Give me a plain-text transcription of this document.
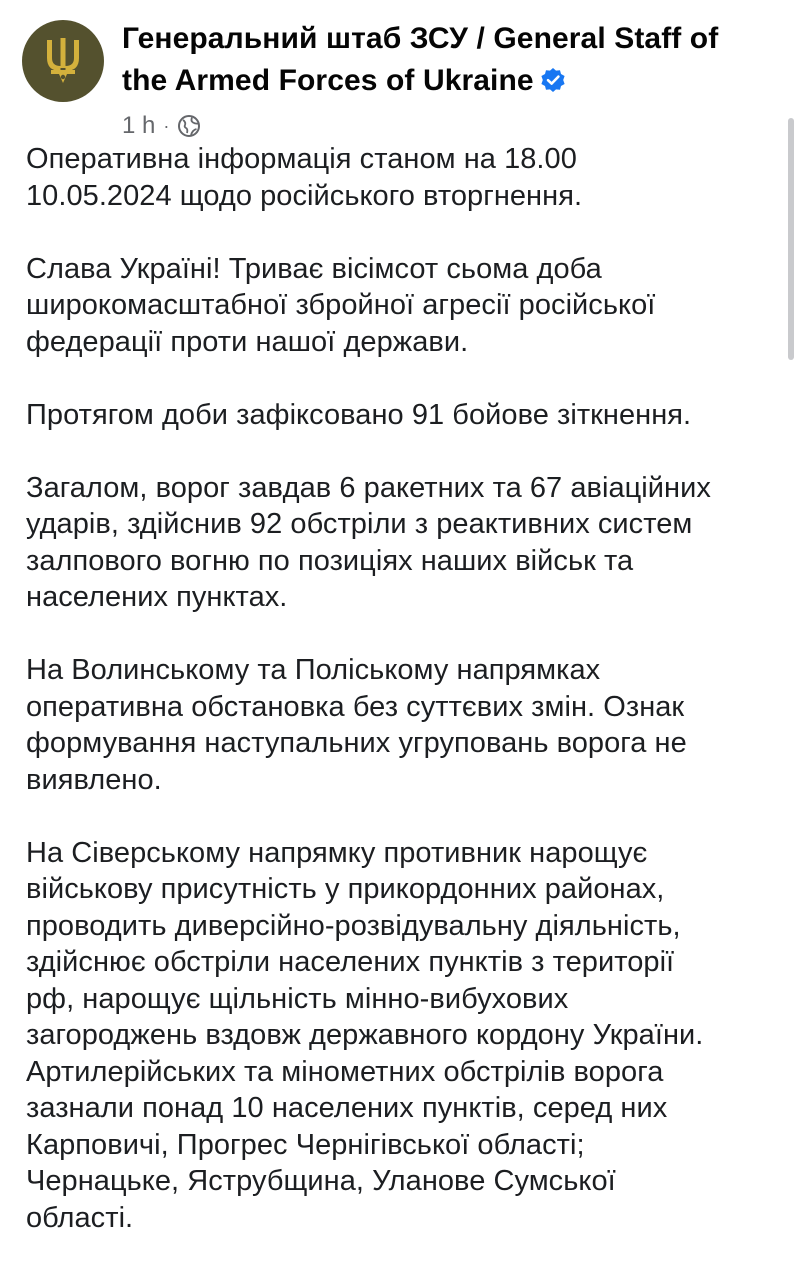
Генеральний штаб ЗСУ / General Staff of the Armed Forces of Ukraine
1 h ·

Оперативна інформація станом на 18.00
10.05.2024 щодо російського вторгнення.

Слава Україні! Триває вісімсот сьома доба
широкомасштабної збройної агресії російської
федерації проти нашої держави.

Протягом доби зафіксовано 91 бойове зіткнення.

Загалом, ворог завдав 6 ракетних та 67 авіаційних
ударів, здійснив 92 обстріли з реактивних систем
залпового вогню по позиціях наших військ та
населених пунктах.

На Волинському та Поліському напрямках
оперативна обстановка без суттєвих змін. Ознак
формування наступальних угруповань ворога не
виявлено.

На Сіверському напрямку противник нарощує
військову присутність у прикордонних районах,
проводить диверсійно-розвідувальну діяльність,
здійснює обстріли населених пунктів з території
рф, нарощує щільність мінно-вибухових
загороджень вздовж державного кордону України.
Артилерійських та мінометних обстрілів ворога
зазнали понад 10 населених пунктів, серед них
Карповичі, Прогрес Чернігівської області;
Чернацьке, Яструбщина, Уланове Сумської
області.
